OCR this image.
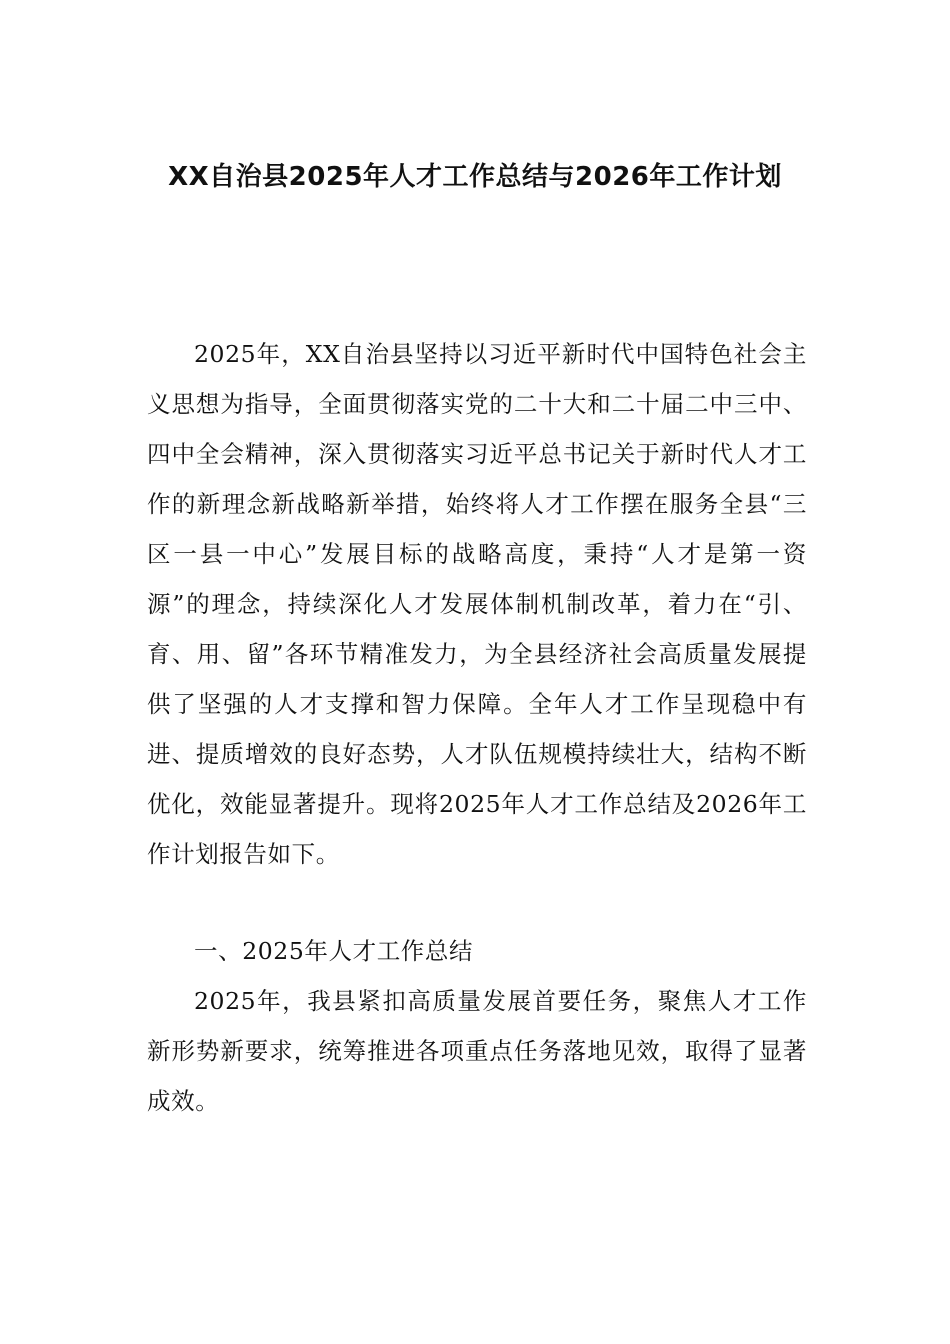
XX自治县2025年人才工作总结与2026年工作计划

2025年，XX自治县坚持以习近平新时代中国特色社会主义思想为指导，全面贯彻落实党的二十大和二十届二中三中、四中全会精神，深入贯彻落实习近平总书记关于新时代人才工作的新理念新战略新举措，始终将人才工作摆在服务全县“三区一县一中心”发展目标的战略高度，秉持“人才是第一资源”的理念，持续深化人才发展体制机制改革，着力在“引、育、用、留”各环节精准发力，为全县经济社会高质量发展提供了坚强的人才支撑和智力保障。全年人才工作呈现稳中有进、提质增效的良好态势，人才队伍规模持续壮大，结构不断优化，效能显著提升。现将2025年人才工作总结及2026年工作计划报告如下。

一、2025年人才工作总结

2025年，我县紧扣高质量发展首要任务，聚焦人才工作新形势新要求，统筹推进各项重点任务落地见效，取得了显著成效。
